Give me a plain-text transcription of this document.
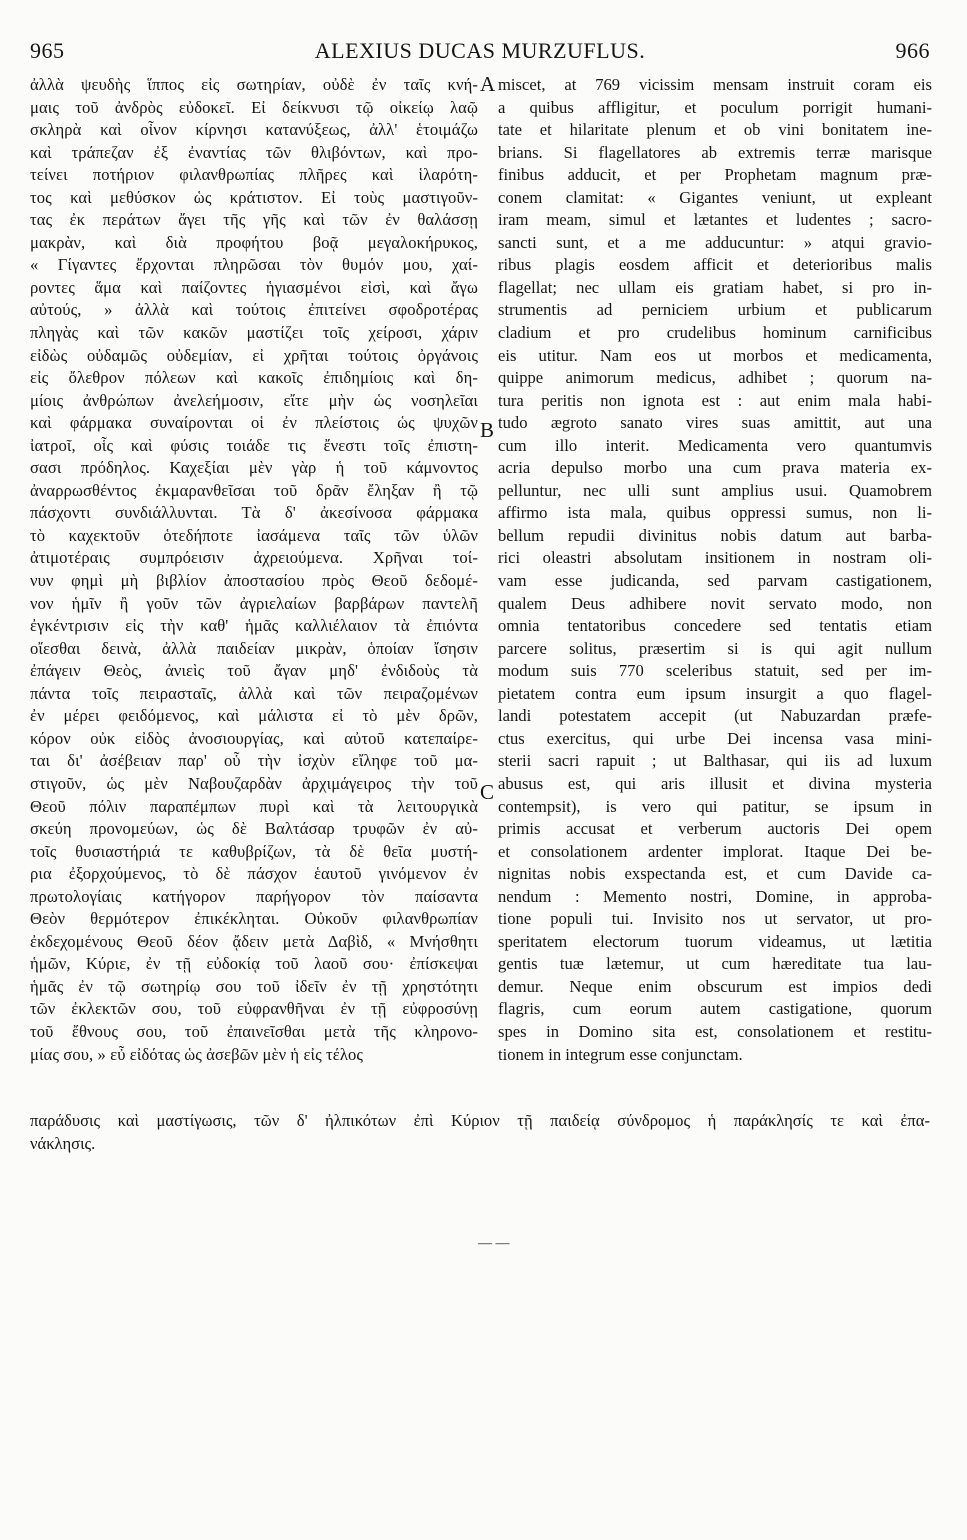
965	ALEXIUS DUCAS MURZUFLUS.	966
ἀλλὰ ψευδὴς ἵππος εἰς σωτηρίαν, οὐδὲ ἐν ταῖς κνή-
μαις τοῦ ἀνδρὸς εὐδοκεῖ. Εἰ δείκνυσι τῷ οἰκείῳ λαῷ
σκληρὰ καὶ οἶνον κίρνησι κατανύξεως, ἀλλ' ἑτοιμάζω
καὶ τράπεζαν ἐξ ἐναντίας τῶν θλιβόντων, καὶ προ-
τείνει ποτήριον φιλανθρωπίας πλῆρες καὶ ἱλαρότη-
τος καὶ μεθύσκον ὡς κράτιστον. Εἰ τοὺς μαστιγοῦν-
τας ἐκ περάτων ἄγει τῆς γῆς καὶ τῶν ἐν θαλάσσῃ
μακρὰν, καὶ διὰ προφήτου βοᾷ μεγαλοκήρυκος,
« Γίγαντες ἔρχονται πληρῶσαι τὸν θυμόν μου, χαί-
ροντες ἅμα καὶ παίζοντες ἡγιασμένοι εἰσὶ, καὶ ἄγω
αὐτούς, » ἀλλὰ καὶ τούτοις ἐπιτείνει σφοδροτέρας
πληγὰς καὶ τῶν κακῶν μαστίζει τοῖς χείροσι, χάριν
εἰδὼς οὐδαμῶς οὐδεμίαν, εἰ χρῆται τούτοις ὀργάνοις
εἰς ὄλεθρον πόλεων καὶ κακοῖς ἐπιδημίοις καὶ δη-
μίοις ἀνθρώπων ἀνελεήμοσιν, εἴτε μὴν ὡς νοσηλεῖαι
καὶ φάρμακα συναίρονται οἱ ἐν πλείστοις ὡς ψυχῶν
ἰατροῖ, οἷς καὶ φύσις τοιάδε τις ἔνεστι τοῖς ἐπιστη-
σασι πρόδηλος. Καχεξίαι μὲν γὰρ ἡ τοῦ κάμνοντος
ἀναρρωσθέντος ἐκμαρανθεῖσαι τοῦ δρᾶν ἔληξαν ἢ τῷ
πάσχοντι συνδιάλλυνται. Τὰ δ' ἀκεσίνοσα φάρμακα
τὸ καχεκτοῦν ὁτεδήποτε ἰασάμενα ταῖς τῶν ὑλῶν
ἀτιμοτέραις συμπρόεισιν ἀχρειούμενα. Χρῆναι τοί-
νυν φημὶ μὴ βιβλίον ἀποστασίου πρὸς Θεοῦ δεδομέ-
νον ἡμῖν ἢ γοῦν τῶν ἀγριελαίων βαρβάρων παντελῆ
ἐγκέντρισιν εἰς τὴν καθ' ἡμᾶς καλλιέλαιον τὰ ἐπιόντα
οἴεσθαι δεινὰ, ἀλλὰ παιδείαν μικρὰν, ὁποίαν ἴσησιν
ἐπάγειν Θεὸς, ἀνιεὶς τοῦ ἄγαν μηδ' ἐνδιδοὺς τὰ
πάντα τοῖς πειρασταῖς, ἀλλὰ καὶ τῶν πειραζομένων
ἐν μέρει φειδόμενος, καὶ μάλιστα εἰ τὸ μὲν δρῶν,
κόρον οὐκ εἰδὸς ἀνοσιουργίας, καὶ αὐτοῦ κατεπαίρε-
ται δι' ἀσέβειαν παρ' οὗ τὴν ἰσχὺν εἴληφε τοῦ μα-
στιγοῦν, ὡς μὲν Ναβουζαρδὰν ἀρχιμάγειρος τὴν τοῦ
Θεοῦ πόλιν παραπέμπων πυρὶ καὶ τὰ λειτουργικὰ
σκεύη προνομεύων, ὡς δὲ Βαλτάσαρ τρυφῶν ἐν αὐ-
τοῖς θυσιαστήριά τε καθυβρίζων, τὰ δὲ θεῖα μυστή-
ρια ἐξορχούμενος, τὸ δὲ πάσχον ἑαυτοῦ γινόμενον ἐν
πρωτολογίαις κατήγορον παρήγορον τὸν παίσαντα
Θεὸν θερμότερον ἐπικέκληται. Οὐκοῦν φιλανθρωπίαν
ἐκδεχομένους Θεοῦ δέον ᾄδειν μετὰ Δαβὶδ, « Μνήσθητι
ἡμῶν, Κύριε, ἐν τῇ εὐδοκίᾳ τοῦ λαοῦ σου· ἐπίσκεψαι
ἡμᾶς ἐν τῷ σωτηρίῳ σου τοῦ ἰδεῖν ἐν τῇ χρηστότητι
τῶν ἐκλεκτῶν σου, τοῦ εὐφρανθῆναι ἐν τῇ εὐφροσύνῃ
τοῦ ἔθνους σου, τοῦ ἐπαινεῖσθαι μετὰ τῆς κληρονο-
μίας σου, » εὖ εἰδότας ὡς ἀσεβῶν μὲν ἡ εἰς τέλος
miscet, at 769 vicissim mensam instruit coram eis
a quibus affligitur, et poculum porrigit humani-
tate et hilaritate plenum et ob vini bonitatem ine-
brians. Si flagellatores ab extremis terræ marisque
finibus adducit, et per Prophetam magnum præ-
conem clamitat: « Gigantes veniunt, ut expleant
iram meam, simul et lætantes et ludentes ; sacro-
sancti sunt, et a me adducuntur: » atqui gravio-
ribus plagis eosdem afficit et deterioribus malis
flagellat; nec ullam eis gratiam habet, si pro in-
strumentis ad perniciem urbium et publicarum
cladium et pro crudelibus hominum carnificibus
eis utitur. Nam eos ut morbos et medicamenta,
quippe animorum medicus, adhibet ; quorum na-
tura peritis non ignota est : aut enim mala habi-
tudo ægroto sanato vires suas amittit, aut una
cum illo interit. Medicamenta vero quantumvis
acria depulso morbo una cum prava materia ex-
pelluntur, nec ulli sunt amplius usui. Quamobrem
affirmo ista mala, quibus oppressi sumus, non li-
bellum repudii divinitus nobis datum aut barba-
rici oleastri absolutam insitionem in nostram oli-
vam esse judicanda, sed parvam castigationem,
qualem Deus adhibere novit servato modo, non
omnia tentatoribus concedere sed tentatis etiam
parcere solitus, præsertim si is qui agit nullum
modum suis 770 sceleribus statuit, sed per im-
pietatem contra eum ipsum insurgit a quo flagel-
landi potestatem accepit (ut Nabuzardan præfe-
ctus exercitus, qui urbe Dei incensa vasa mini-
sterii sacri rapuit ; ut Balthasar, qui iis ad luxum
abusus est, qui aris illusit et divina mysteria
contempsit), is vero qui patitur, se ipsum in
primis accusat et verberum auctoris Dei opem
et consolationem ardenter implorat. Itaque Dei be-
nignitas nobis exspectanda est, et cum Davide ca-
nendum : Memento nostri, Domine, in approba-
tione populi tui. Invisito nos ut servator, ut pro-
speritatem electorum tuorum videamus, ut lætitia
gentis tuæ lætemur, ut cum hæreditate tua lau-
demur. Neque enim obscurum est impios dedi
flagris, cum eorum autem castigatione, quorum
spes in Domino sita est, consolationem et restitu-
tionem in integrum esse conjunctam.
A
B
C
παράδυσις καὶ μαστίγωσις, τῶν δ' ἠλπικότων ἐπὶ Κύριον τῇ παιδείᾳ σύνδρομος ἡ παράκλησίς τε καὶ ἐπα-
νάκλησις.
— —
